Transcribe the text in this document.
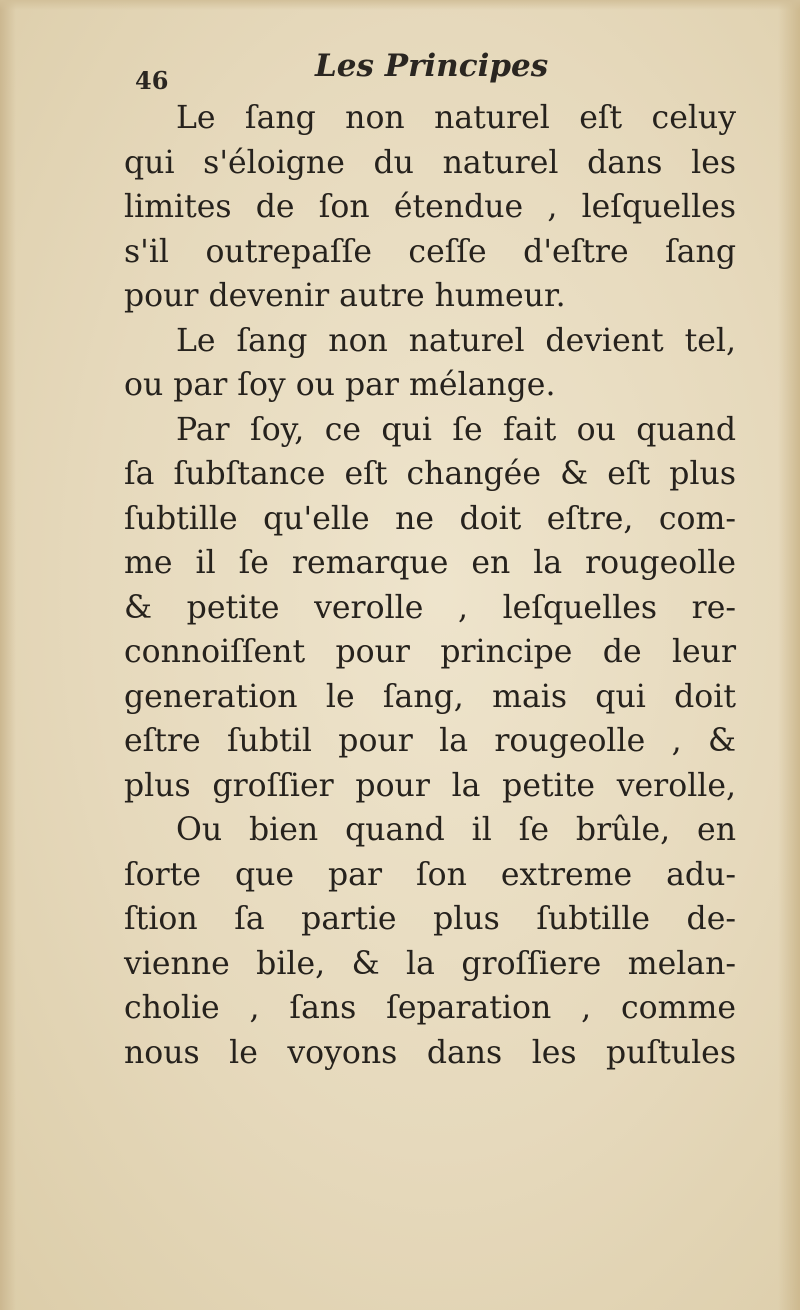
46	Les Principes
Le ſang non naturel eſt celuy
qui s'éloigne du naturel dans les
limites de ſon étendue , leſquelles
s'il outrepaſſe ceſſe d'eſtre ſang
pour devenir autre humeur.
Le ſang non naturel devient tel,
ou par ſoy ou par mélange.
Par ſoy, ce qui ſe fait ou quand
ſa ſubſtance eſt changée & eſt plus
ſubtille qu'elle ne doit eſtre, com-
me il ſe remarque en la rougeolle
& petite verolle , leſquelles re-
connoiſſent pour principe de leur
generation le ſang, mais qui doit
eſtre ſubtil pour la rougeolle , &
plus groſſier pour la petite verolle,
Ou bien quand il ſe brûle, en
ſorte que par ſon extreme adu-
ſtion ſa partie plus ſubtille de-
vienne bile, & la groſſiere melan-
cholie , ſans ſeparation , comme
nous le voyons dans les puſtules
